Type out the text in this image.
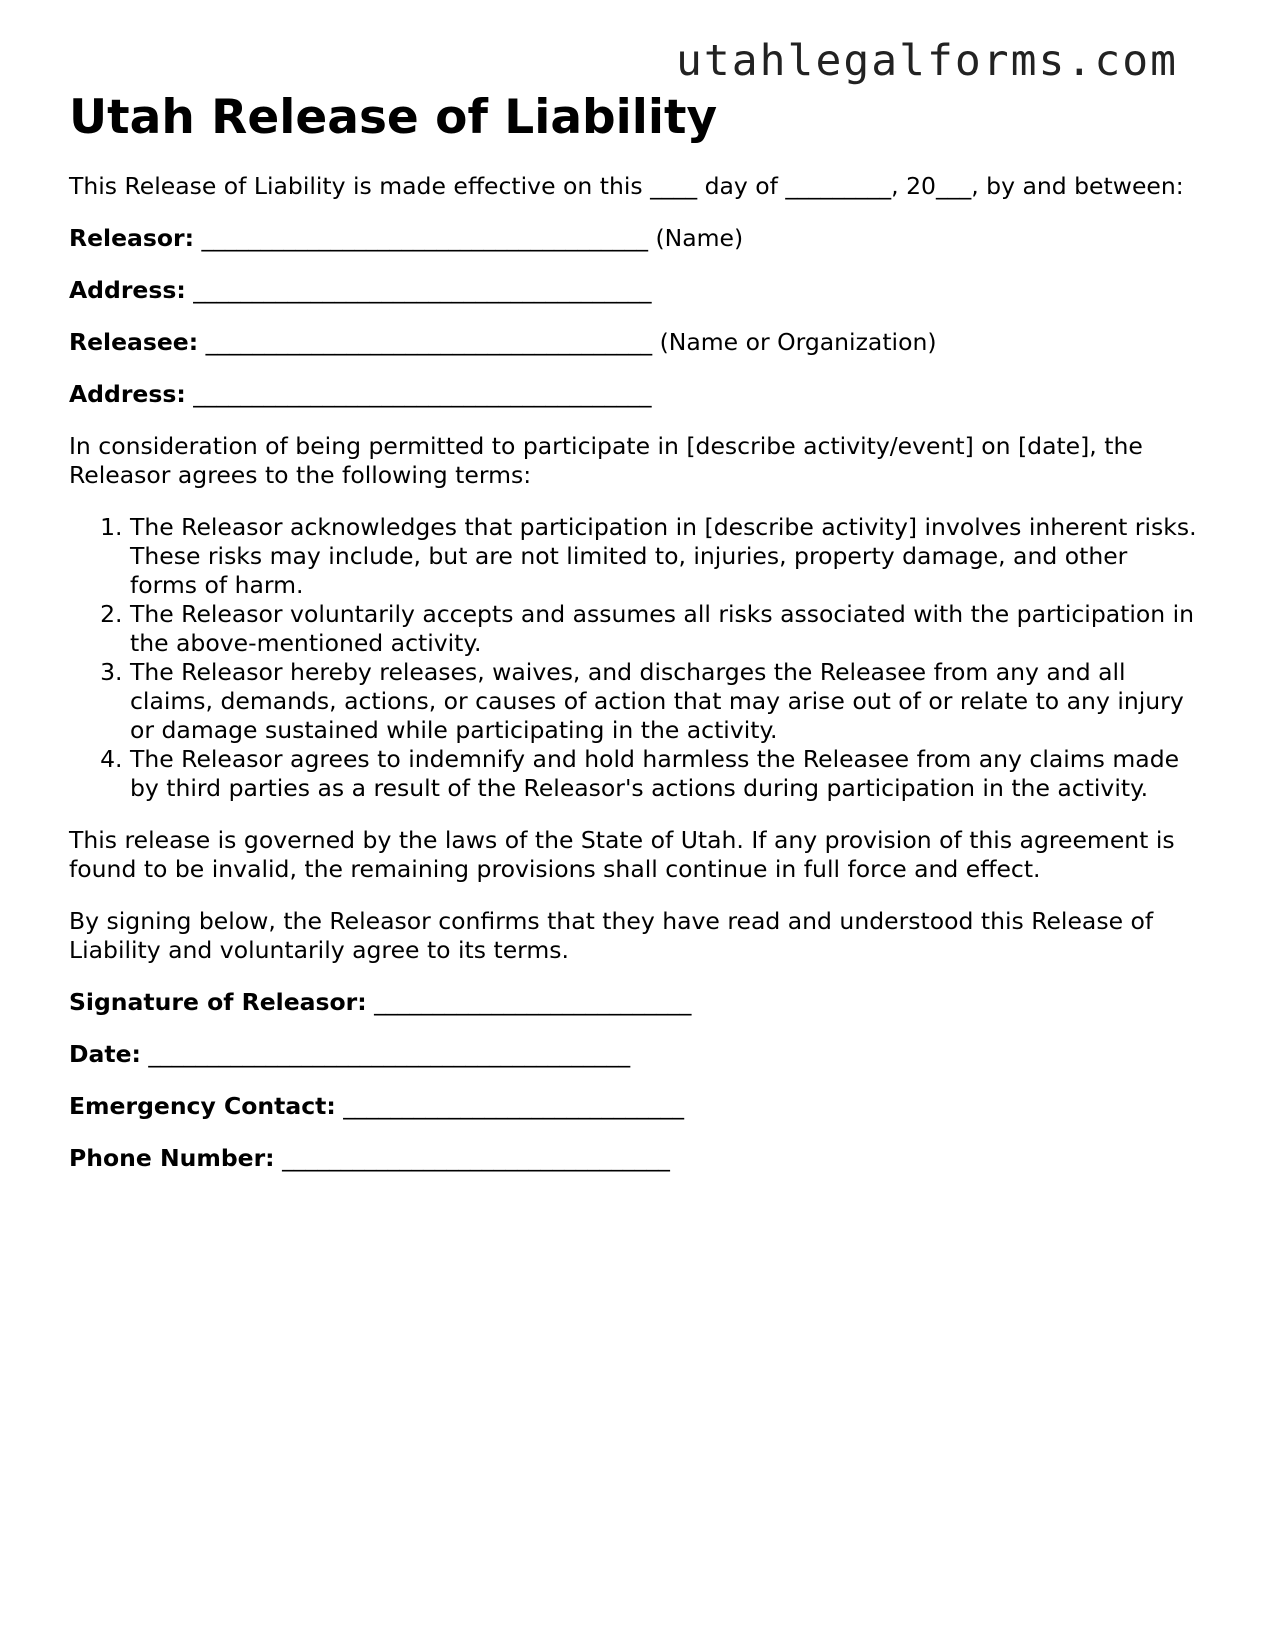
utahlegalforms.com
Utah Release of Liability

This Release of Liability is made effective on this ____ day of _________, 20___, by and between:

Releasor: ______________________________________ (Name)
Address: _______________________________________
Releasee: ______________________________________ (Name or Organization)
Address: _______________________________________

In consideration of being permitted to participate in [describe activity/event] on [date], the Releasor agrees to the following terms:

1. The Releasor acknowledges that participation in [describe activity] involves inherent risks. These risks may include, but are not limited to, injuries, property damage, and other forms of harm.
2. The Releasor voluntarily accepts and assumes all risks associated with the participation in the above-mentioned activity.
3. The Releasor hereby releases, waives, and discharges the Releasee from any and all claims, demands, actions, or causes of action that may arise out of or relate to any injury or damage sustained while participating in the activity.
4. The Releasor agrees to indemnify and hold harmless the Releasee from any claims made by third parties as a result of the Releasor's actions during participation in the activity.

This release is governed by the laws of the State of Utah. If any provision of this agreement is found to be invalid, the remaining provisions shall continue in full force and effect.

By signing below, the Releasor confirms that they have read and understood this Release of Liability and voluntarily agree to its terms.

Signature of Releasor: ___________________________
Date: _________________________________________
Emergency Contact: _____________________________
Phone Number: _________________________________
